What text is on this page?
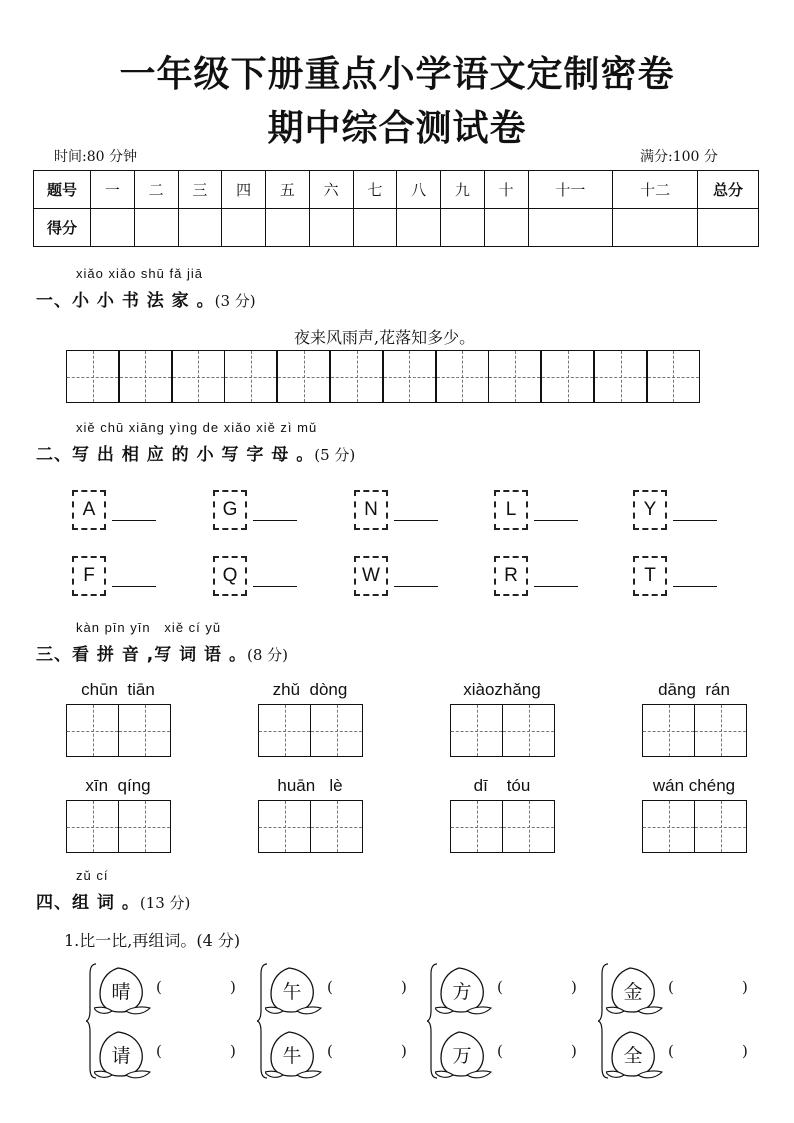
一年级下册重点小学语文定制密卷
期中综合测试卷
时间:80 分钟	满分:100 分
题号	一	二	三	四	五	六	七	八	九	十	十一	十二	总分
得分													
xiǎo xiǎo shū fǎ jiā
一、小 小 书 法 家 。(3 分)
夜来风雨声,花落知多少。
xiě chū xiāng yìng de xiǎo xiě zì mǔ
二、写 出 相 应 的 小 写 字 母 。(5 分)
A	G	N	L	Y
F	Q	W	R	T
kàn pīn yīn   xiě cí yǔ
三、看 拼 音 ,写 词 语 。(8 分)
chūn  tiān	zhǔ  dòng	xiàozhǎng	dāng  rán
xīn  qíng	huān   lè	dī    tóu	wán chéng
zǔ cí
四、组 词 。(13 分)
1.比一比,再组词。(4 分)
晴	(	)
请	(	)
午	(	)
牛	(	)
方	(	)
万	(	)
金	(	)
全	(	)
